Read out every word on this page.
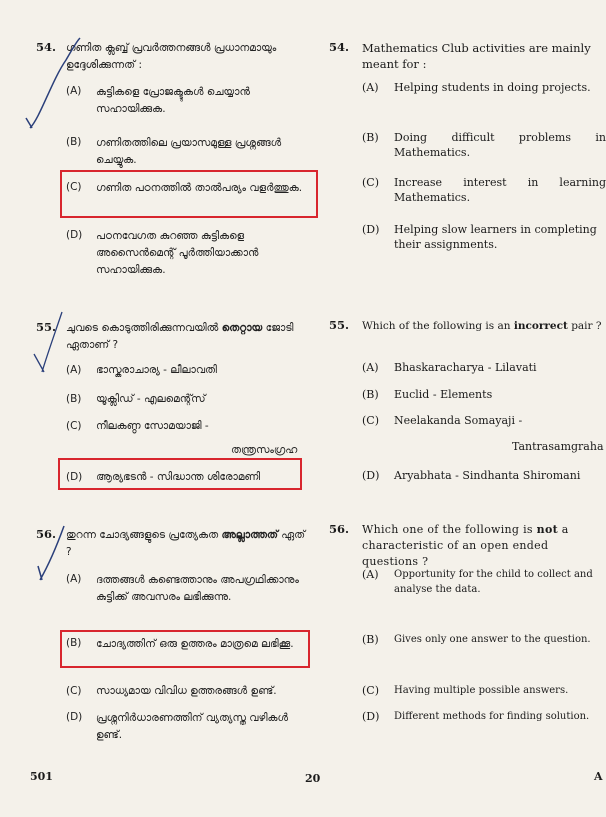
54. ഗണിത ക്ലബ്ബ് പ്രവർത്തനങ്ങൾ പ്രധാനമായും ഉദ്ദേശിക്കുന്നത് :
(A) കുട്ടികളെ പ്രോജക്ടുകൾ ചെയ്യാൻ സഹായിക്കുക.
(B) ഗണിതത്തിലെ പ്രയാസമുള്ള പ്രശ്നങ്ങൾ ചെയ്യുക.
(C) ഗണിത പഠനത്തിൽ താൽപര്യം വളർത്തുക.
(D) പഠനവേഗത കുറഞ്ഞ കുട്ടികളെ അസൈൻമെന്റ് പൂർത്തിയാക്കാൻ സഹായിക്കുക.
55. ചുവടെ കൊടുത്തിരിക്കുന്നവയിൽ തെറ്റായ ജോടി ഏതാണ് ?
(A) ഭാസ്കരാചാര്യ - ലീലാവതി
(B) യൂക്ലിഡ് - എലമെന്റ്സ്
(C) നീലകണ്ഠ സോമയാജി -
തന്ത്രസംഗ്രഹ
(D) ആര്യഭടൻ - സിദ്ധാന്ത ശിരോമണി
56. തുറന്ന ചോദ്യങ്ങളുടെ പ്രത്യേകത അല്ലാത്തത് ഏത് ?
(A) ദത്തങ്ങൾ കണ്ടെത്താനും അപഗ്രഥിക്കാനും കുട്ടിക്ക് അവസരം ലഭിക്കുന്നു.
(B) ചോദ്യത്തിന് ഒരു ഉത്തരം മാത്രമെ ലഭിക്കൂ.
(C) സാധ്യമായ വിവിധ ഉത്തരങ്ങൾ ഉണ്ട്.
(D) പ്രശ്നനിർധാരണത്തിന് വ്യത്യസ്ത വഴികൾ ഉണ്ട്.
54. Mathematics Club activities are mainly meant for :
(A) Helping students in doing projects.
(B) Doing difficult problems in Mathematics.
(C) Increase interest in learning Mathematics.
(D) Helping slow learners in completing their assignments.
55. Which of the following is an incorrect pair ?
(A) Bhaskaracharya - Lilavati
(B) Euclid - Elements
(C) Neelakanda Somayaji -
Tantrasamgraha
(D) Aryabhata - Sindhanta Shiromani
56. Which one of the following is not a characteristic of an open ended questions ?
(A) Opportunity for the child to collect and analyse the data.
(B) Gives only one answer to the question.
(C) Having multiple possible answers.
(D) Different methods for finding solution.
501	20	A
